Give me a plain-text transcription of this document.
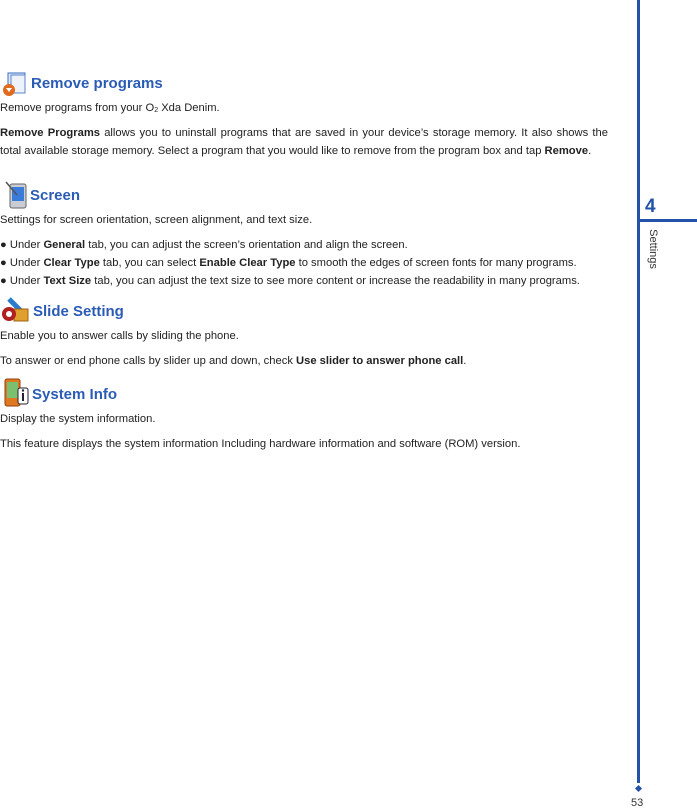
Remove programs
Remove programs from your $O_2$ Xda Denim.
Remove Programs allows you to uninstall programs that are saved in your device’s storage memory. It also shows the total available storage memory. Select a program that you would like to remove from the program box and tap Remove.
Screen
Settings for screen orientation, screen alignment, and text size.
● Under General tab, you can adjust the screen’s orientation and align the screen.
● Under Clear Type tab, you can select Enable Clear Type to smooth the edges of screen fonts for many programs.
● Under Text Size tab, you can adjust the text size to see more content or increase the readability in many programs.
Slide Setting
Enable you to answer calls by sliding the phone.
To answer or end phone calls by slider up and down, check Use slider to answer phone call.
System Info
Display the system information.
This feature displays the system information Including hardware information and software (ROM) version.
4
Settings
53
